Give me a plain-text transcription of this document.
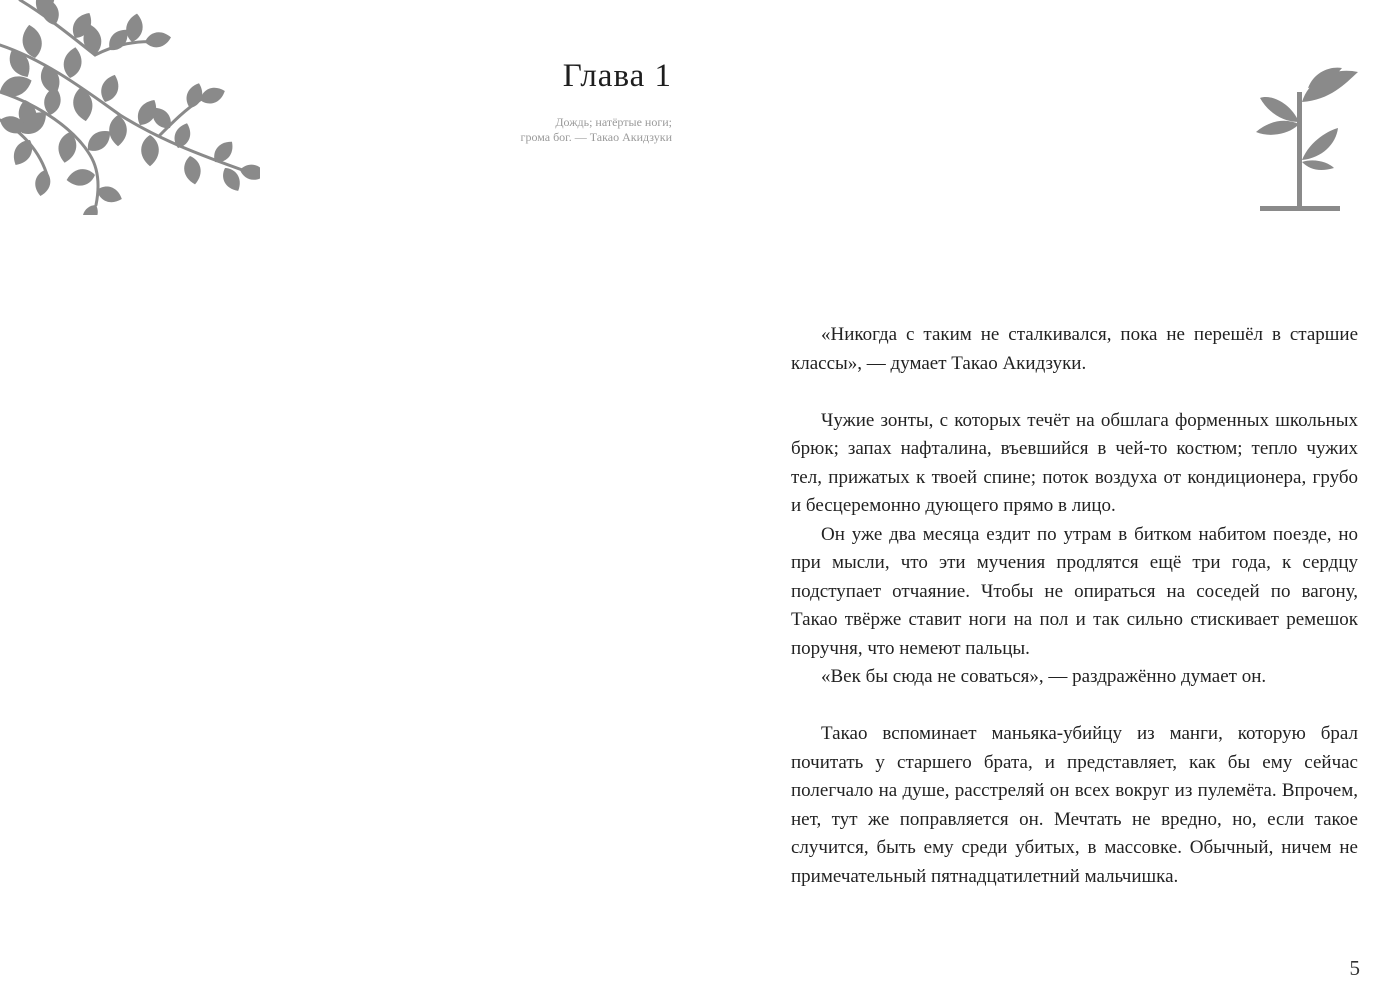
Глава 1
Дождь; натёртые ноги;
грома бог. — Такао Акидзуки

«Никогда с таким не сталкивался, пока не перешёл в старшие классы», — думает Такао Акидзуки.

Чужие зонты, с которых течёт на обшлага форменных школьных брюк; запах нафталина, въевшийся в чей-то костюм; тепло чужих тел, прижатых к твоей спине; поток воздуха от кондиционера, грубо и бесцеремонно дующего прямо в лицо.

Он уже два месяца ездит по утрам в битком набитом поезде, но при мысли, что эти мучения продлятся ещё три года, к сердцу подступает отчаяние. Чтобы не опираться на соседей по вагону, Такао твёрже ставит ноги на пол и так сильно стискивает ремешок поручня, что немеют пальцы.

«Век бы сюда не соваться», — раздражённо думает он.

Такао вспоминает маньяка-убийцу из манги, которую брал почитать у старшего брата, и представляет, как бы ему сейчас полегчало на душе, расстреляй он всех вокруг из пулемёта. Впрочем, нет, тут же поправляется он. Мечтать не вредно, но, если такое случится, быть ему среди убитых, в массовке. Обычный, ничем не примечательный пятнадцатилетний мальчишка.

5
